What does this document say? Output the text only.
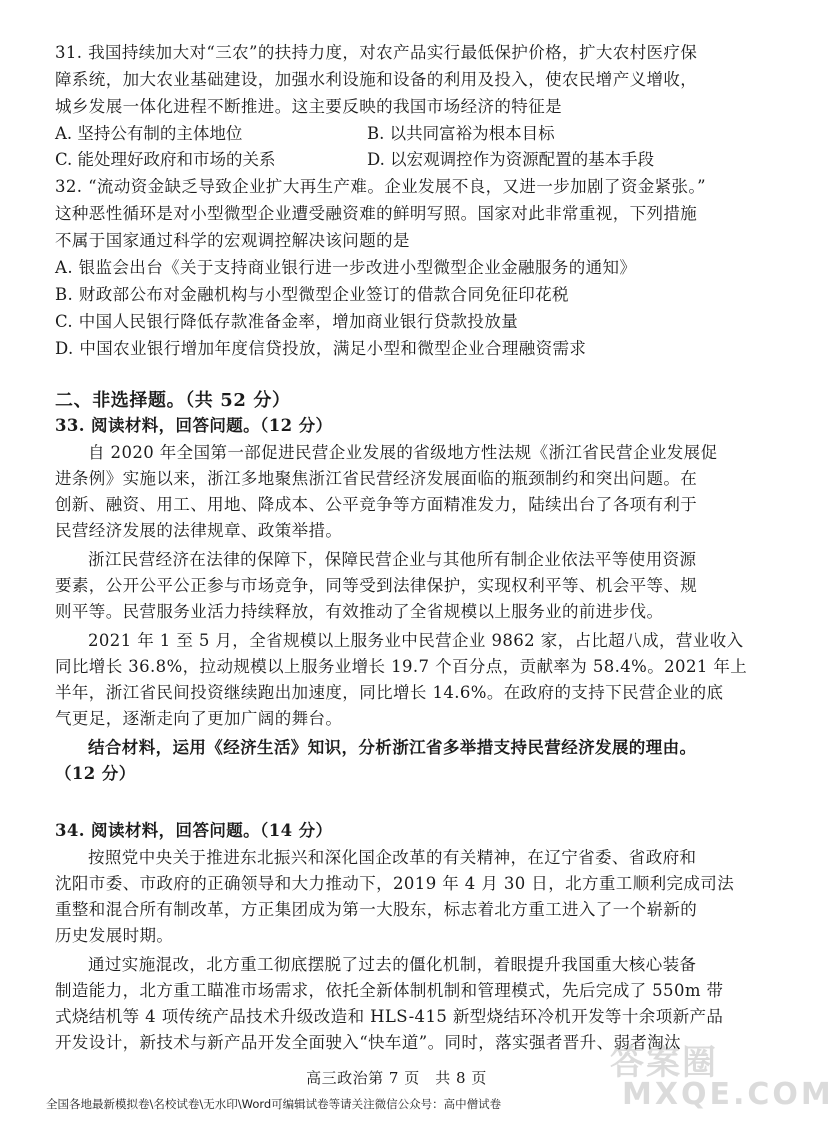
31. 我国持续加大对“三农”的扶持力度，对农产品实行最低保护价格，扩大农村医疗保
障系统，加大农业基础建设，加强水利设施和设备的利用及投入，使农民增产义增收，
城乡发展一体化进程不断推进。这主要反映的我国市场经济的特征是
A. 坚持公有制的主体地位	B. 以共同富裕为根本目标
C. 能处理好政府和市场的关系	D. 以宏观调控作为资源配置的基本手段
32. “流动资金缺乏导致企业扩大再生产难。企业发展不良，又进一步加剧了资金紧张。”
这种恶性循环是对小型微型企业遭受融资难的鲜明写照。国家对此非常重视，下列措施
不属于国家通过科学的宏观调控解决该问题的是
A. 银监会出台《关于支持商业银行进一步改进小型微型企业金融服务的通知》
B. 财政部公布对金融机构与小型微型企业签订的借款合同免征印花税
C. 中国人民银行降低存款准备金率，增加商业银行贷款投放量
D. 中国农业银行增加年度信贷投放，满足小型和微型企业合理融资需求
二、非选择题。（共 52 分）
33. 阅读材料，回答问题。（12 分）
自 2020 年全国第一部促进民营企业发展的省级地方性法规《浙江省民营企业发展促
进条例》实施以来，浙江多地聚焦浙江省民营经济发展面临的瓶颈制约和突出问题。在
创新、融资、用工、用地、降成本、公平竞争等方面精准发力，陆续出台了各项有利于
民营经济发展的法律规章、政策举措。
浙江民营经济在法律的保障下，保障民营企业与其他所有制企业依法平等使用资源
要素，公开公平公正参与市场竞争，同等受到法律保护，实现权利平等、机会平等、规
则平等。民营服务业活力持续释放，有效推动了全省规模以上服务业的前进步伐。
2021 年 1 至 5 月，全省规模以上服务业中民营企业 9862 家，占比超八成，营业收入
同比增长 36.8%，拉动规模以上服务业增长 19.7 个百分点，贡献率为 58.4%。2021 年上
半年，浙江省民间投资继续跑出加速度，同比增长 14.6%。在政府的支持下民营企业的底
气更足，逐渐走向了更加广阔的舞台。
结合材料，运用《经济生活》知识，分析浙江省多举措支持民营经济发展的理由。
（12 分）
34. 阅读材料，回答问题。（14 分）
按照党中央关于推进东北振兴和深化国企改革的有关精神，在辽宁省委、省政府和
沈阳市委、市政府的正确领导和大力推动下，2019 年 4 月 30 日，北方重工顺利完成司法
重整和混合所有制改革，方正集团成为第一大股东，标志着北方重工进入了一个崭新的
历史发展时期。
通过实施混改，北方重工彻底摆脱了过去的僵化机制，着眼提升我国重大核心装备
制造能力，北方重工瞄准市场需求，依托全新体制机制和管理模式，先后完成了 550m 带
式烧结机等 4 项传统产品技术升级改造和 HLS-415 新型烧结环冷机开发等十余项新产品
开发设计，新技术与新产品开发全面驶入“快车道”。同时，落实强者晋升、弱者淘汰
答案圈
MXQE.COM
高三政治第 7 页　共 8 页
全国各地最新模拟卷\名校试卷\无水印\Word可编辑试卷等请关注微信公众号：高中僧试卷
